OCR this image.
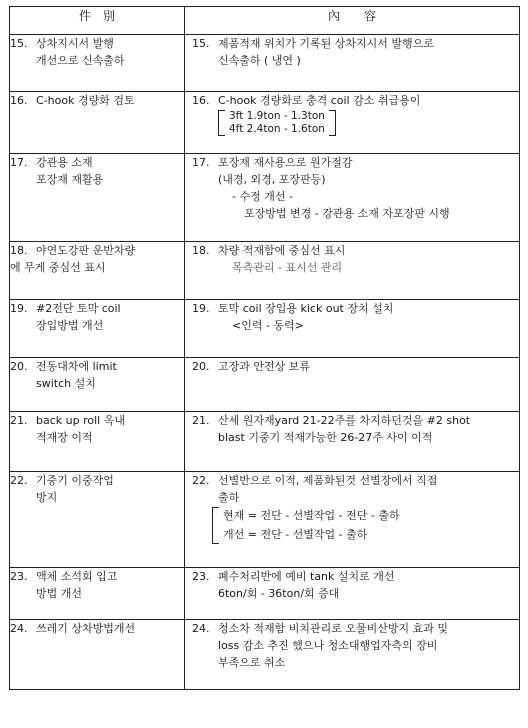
件　別	內　　容

15. 상차지시서 발행
개선으로 신속출하	15. 제품적재 위치가 기록된 상차지시서 발행으로
신속출하 ( 냉연 )

16. C-hook 경량화 검토	16. C-hook 경량화로 충격 coil 감소 취급용이
3ft 1.9ton - 1.3ton
4ft 2.4ton - 1.6ton

17. 강관용 소재
포장재 재활용	17. 포장재 재사용으로 원가절감
(내경, 외경, 포장판등)
- 수정 개선 -
포장방법 변경 - 강관용 소재 자포장판 시행

18. 야연도강판 운반차량
에 무게 중심선 표시	18. 차량 적재함에 중심선 표시
목측관리 - 표시선 관리

19. #2전단 토막 coil
장입방법 개선	19. 토막 coil 장입용 kick out 장치 설치
<인력 - 동력>

20. 전동대차에 limit
switch 설치	20. 고장과 안전상 보류

21. back up roll 옥내
적재장 이적	21. 산세 원자재yard 21-22주를 차지하던것을 #2 shot
blast 기중기 적재가능한 26-27주 사이 이적

22. 기중기 이중작업
방지	22. 선별반으로 이적, 제품화된것 선별장에서 직접
출하
현재 = 전단 - 선별작업 - 전단 - 출하
개선 = 전단 - 선별작업 - 출하

23. 액체 소석회 입고
방법 개선	23. 폐수처리반에 예비 tank 설치로 개선
6ton/회 - 36ton/회 증대

24. 쓰레기 상차방법개선	24. 청소차 적재함 비치관리로 오물비산방지 효과 및
loss 감소 추진 했으나 청소대행업자측의 장비
부족으로 취소
